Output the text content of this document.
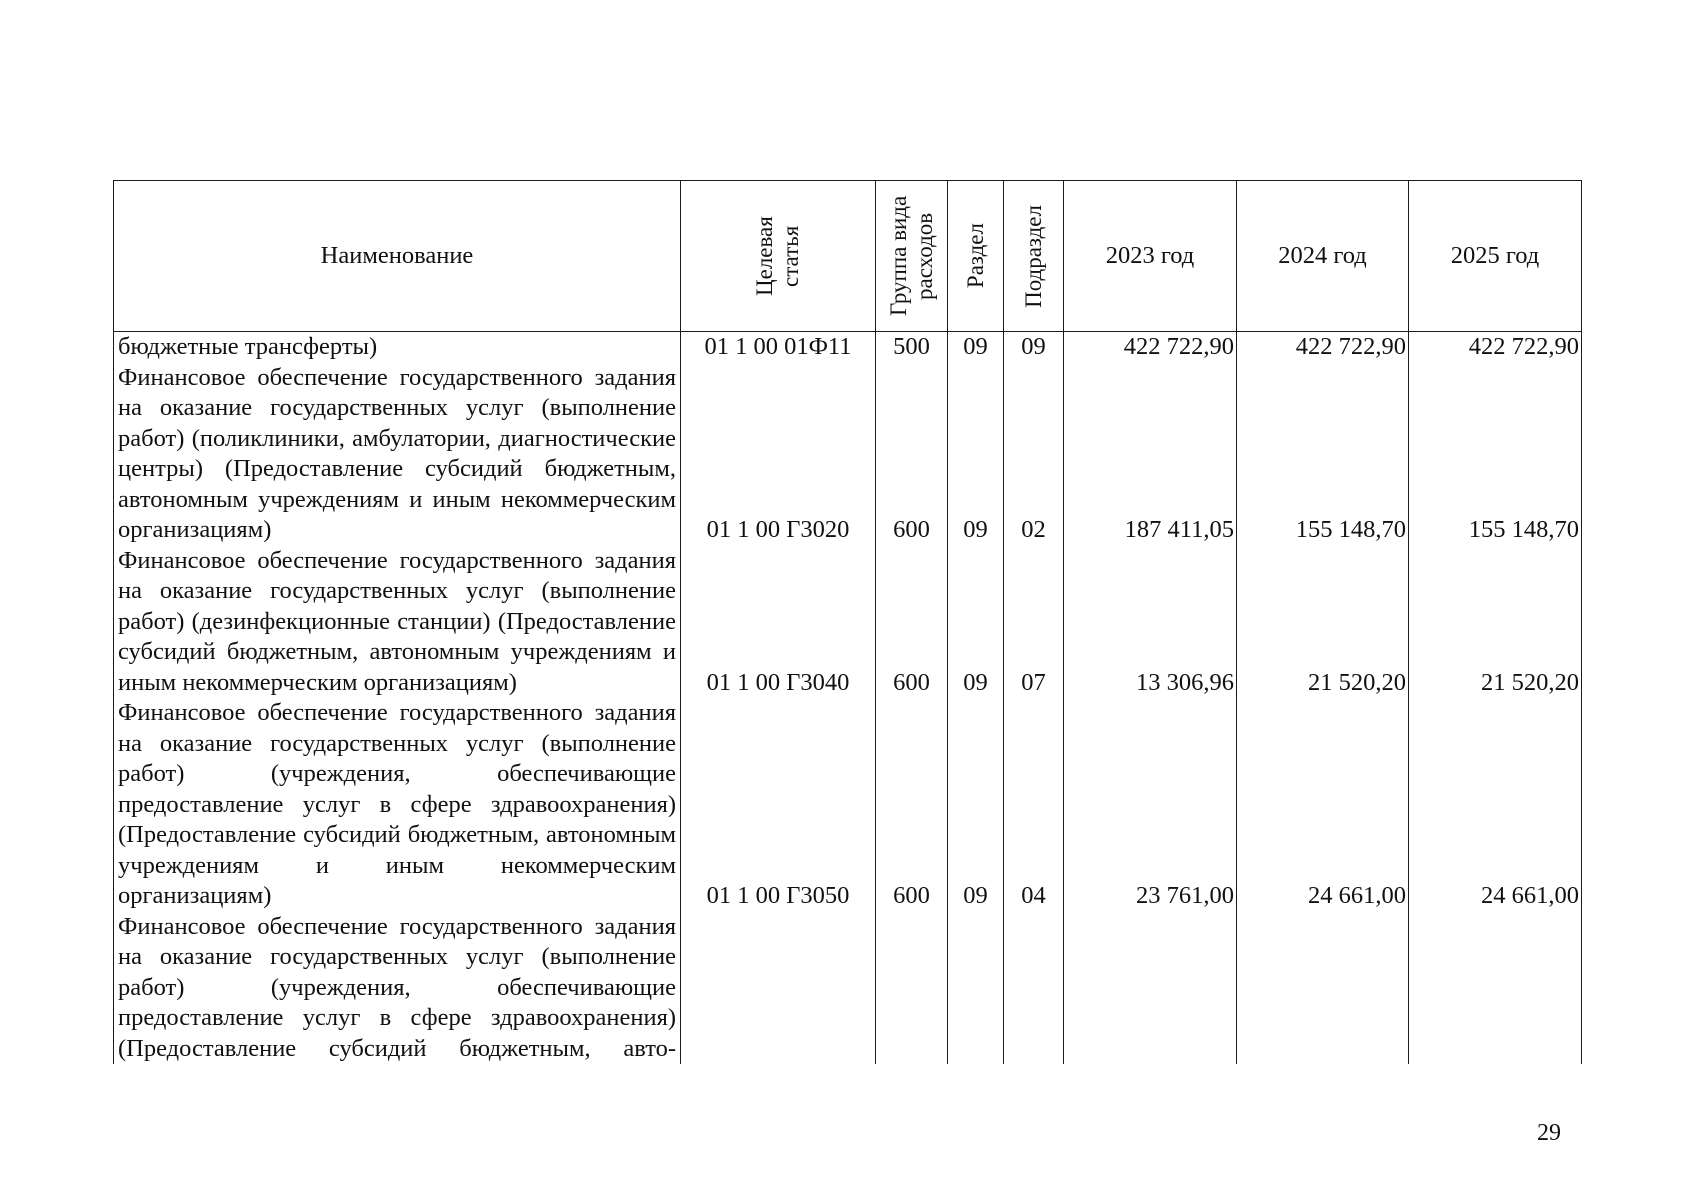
Наименование	Целевая статья	Группа вида расходов	Раздел	Подраздел	2023 год	2024 год	2025 год
бюджетные трансферты)	01 1 00 01Ф11	500	09	09	422 722,90	422 722,90	422 722,90
Финансовое обеспечение государственного задания на оказание государственных услуг (выполнение работ) (поликлиники, амбулатории, диагностические центры) (Предоставление субсидий бюджетным, автономным учреждениям и иным некоммерческим организациям)	01 1 00 Г3020	600	09	02	187 411,05	155 148,70	155 148,70
Финансовое обеспечение государственного задания на оказание государственных услуг (выполнение работ) (дезинфекционные станции) (Предоставление субсидий бюджетным, автономным учреждениям и иным некоммерческим организациям)	01 1 00 Г3040	600	09	07	13 306,96	21 520,20	21 520,20
Финансовое обеспечение государственного задания на оказание государственных услуг (выполнение работ) (учреждения, обеспечивающие предоставление услуг в сфере здравоохранения) (Предоставление субсидий бюджетным, автономным учреждениям и иным некоммерческим организациям)	01 1 00 Г3050	600	09	04	23 761,00	24 661,00	24 661,00
Финансовое обеспечение государственного задания на оказание государственных услуг (выполнение работ) (учреждения, обеспечивающие предоставление услуг в сфере здравоохранения) (Предоставление субсидий бюджетным, авто-							
29
